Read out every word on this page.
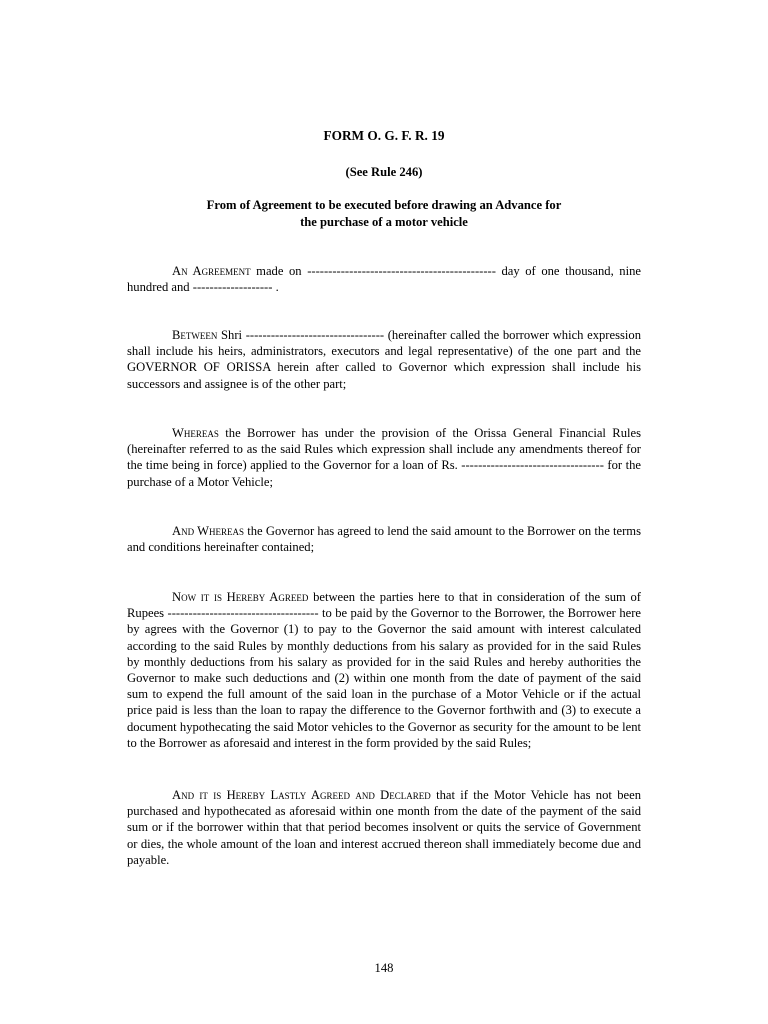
FORM O. G. F. R. 19
(See Rule 246)
From of Agreement to be executed before drawing an Advance for
the purchase of a motor vehicle

An Agreement made on --------------------------------------------- day of one thousand, nine hundred and ------------------- .

Between Shri --------------------------------- (hereinafter called the borrower which expression shall include his heirs, administrators, executors and legal representative) of the one part and the GOVERNOR OF ORISSA herein after called to Governor which expression shall include his successors and assignee is of the other part;

Whereas the Borrower has under the provision of the Orissa General Financial Rules (hereinafter referred to as the said Rules which expression shall include any amendments thereof for the time being in force) applied to the Governor for a loan of Rs. ---------------------------------- for the purchase of a Motor Vehicle;

And Whereas the Governor has agreed to lend the said amount to the Borrower on the terms and conditions hereinafter contained;

Now it is Hereby Agreed between the parties here to that in consideration of the sum of Rupees ------------------------------------ to be paid by the Governor to the Borrower, the Borrower here by agrees with the Governor (1) to pay to the Governor the said amount with interest calculated according to the said Rules by monthly deductions from his salary as provided for in the said Rules by monthly deductions from his salary as provided for in the said Rules and hereby authorities the Governor to make such deductions and (2) within one month from the date of payment of the said sum to expend the full amount of the said loan in the purchase of a Motor Vehicle or if the actual price paid is less than the loan to rapay the difference to the Governor forthwith and (3) to execute a document hypothecating the said Motor vehicles to the Governor as security for the amount to be lent to the Borrower as aforesaid and interest in the form provided by the said Rules;

And it is Hereby Lastly Agreed and Declared that if the Motor Vehicle has not been purchased and hypothecated as aforesaid within one month from the date of the payment of the said sum or if the borrower within that that period becomes insolvent or quits the service of Government or dies, the whole amount of the loan and interest accrued thereon shall immediately become due and payable.

148
